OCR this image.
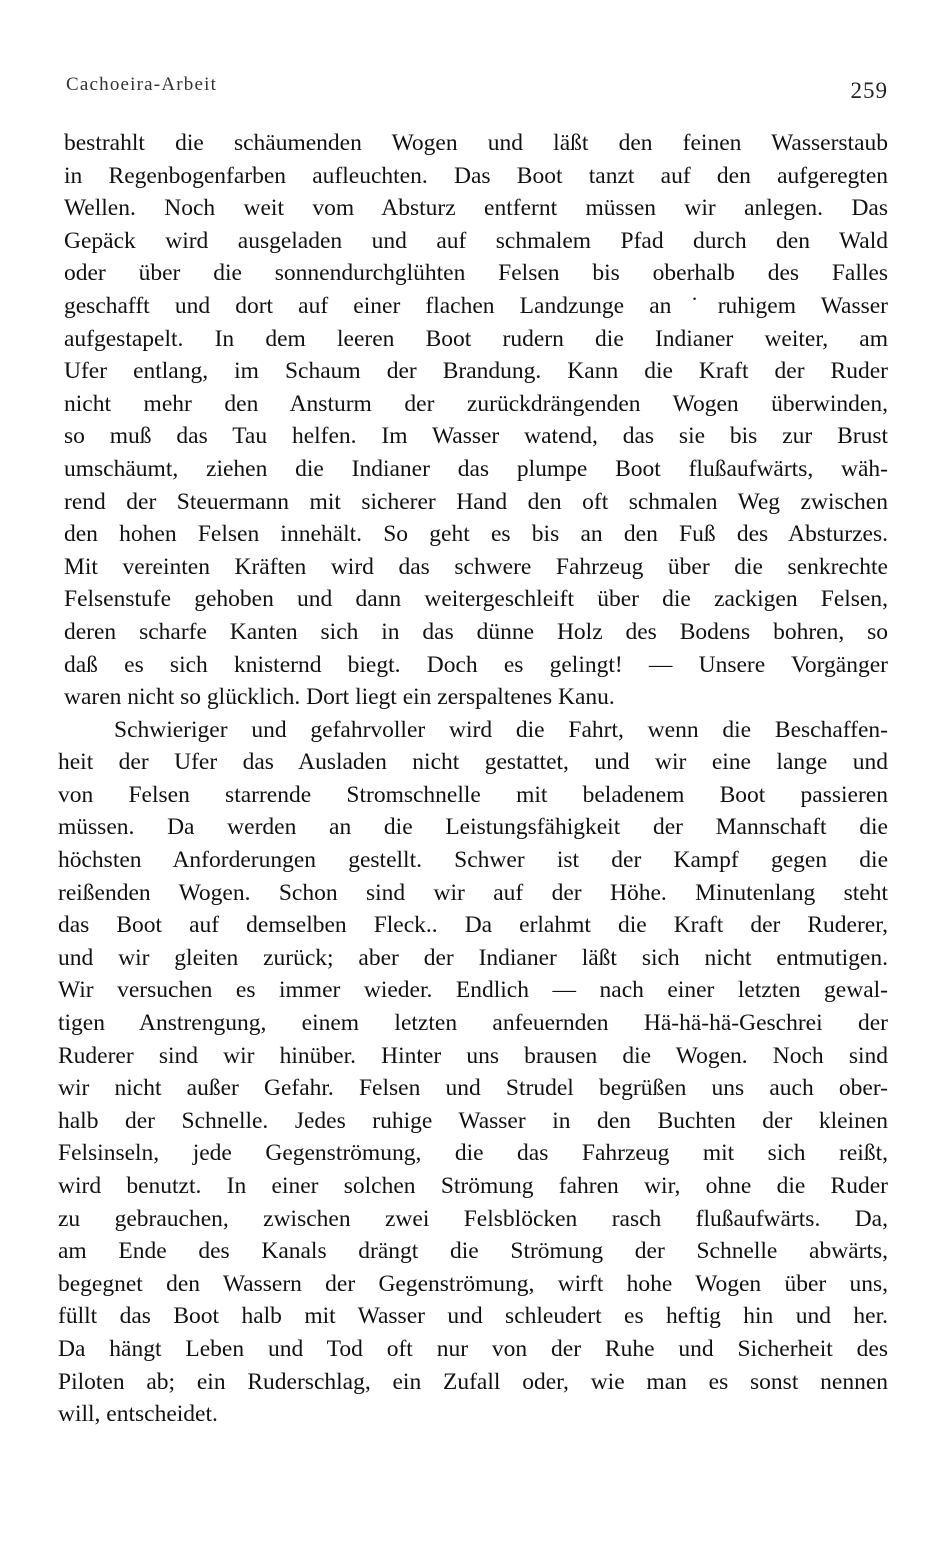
Cachoeira-Arbeit	259
bestrahlt die schäumenden Wogen und läßt den feinen Wasserstaub
in Regenbogenfarben aufleuchten. Das Boot tanzt auf den aufgeregten
Wellen. Noch weit vom Absturz entfernt müssen wir anlegen. Das
Gepäck wird ausgeladen und auf schmalem Pfad durch den Wald
oder über die sonnendurchglühten Felsen bis oberhalb des Falles
geschafft und dort auf einer flachen Landzunge an˙ruhigem Wasser
aufgestapelt. In dem leeren Boot rudern die Indianer weiter, am
Ufer entlang, im Schaum der Brandung. Kann die Kraft der Ruder
nicht mehr den Ansturm der zurückdrängenden Wogen überwinden,
so muß das Tau helfen. Im Wasser watend, das sie bis zur Brust
umschäumt, ziehen die Indianer das plumpe Boot flußaufwärts, wäh-
rend der Steuermann mit sicherer Hand den oft schmalen Weg zwischen
den hohen Felsen innehält. So geht es bis an den Fuß des Absturzes.
Mit vereinten Kräften wird das schwere Fahrzeug über die senkrechte
Felsenstufe gehoben und dann weitergeschleift über die zackigen Felsen,
deren scharfe Kanten sich in das dünne Holz des Bodens bohren, so
daß es sich knisternd biegt. Doch es gelingt! — Unsere Vorgänger
waren nicht so glücklich. Dort liegt ein zerspaltenes Kanu.
Schwieriger und gefahrvoller wird die Fahrt, wenn die Beschaffen-
heit der Ufer das Ausladen nicht gestattet, und wir eine lange und
von Felsen starrende Stromschnelle mit beladenem Boot passieren
müssen. Da werden an die Leistungsfähigkeit der Mannschaft die
höchsten Anforderungen gestellt. Schwer ist der Kampf gegen die
reißenden Wogen. Schon sind wir auf der Höhe. Minutenlang steht
das Boot auf demselben Fleck.. Da erlahmt die Kraft der Ruderer,
und wir gleiten zurück; aber der Indianer läßt sich nicht entmutigen.
Wir versuchen es immer wieder. Endlich — nach einer letzten gewal-
tigen Anstrengung, einem letzten anfeuernden Hä-hä-hä-Geschrei der
Ruderer sind wir hinüber. Hinter uns brausen die Wogen. Noch sind
wir nicht außer Gefahr. Felsen und Strudel begrüßen uns auch ober-
halb der Schnelle. Jedes ruhige Wasser in den Buchten der kleinen
Felsinseln, jede Gegenströmung, die das Fahrzeug mit sich reißt,
wird benutzt. In einer solchen Strömung fahren wir, ohne die Ruder
zu gebrauchen, zwischen zwei Felsblöcken rasch flußaufwärts. Da,
am Ende des Kanals drängt die Strömung der Schnelle abwärts,
begegnet den Wassern der Gegenströmung, wirft hohe Wogen über uns,
füllt das Boot halb mit Wasser und schleudert es heftig hin und her.
Da hängt Leben und Tod oft nur von der Ruhe und Sicherheit des
Piloten ab; ein Ruderschlag, ein Zufall oder, wie man es sonst nennen
will, entscheidet.
